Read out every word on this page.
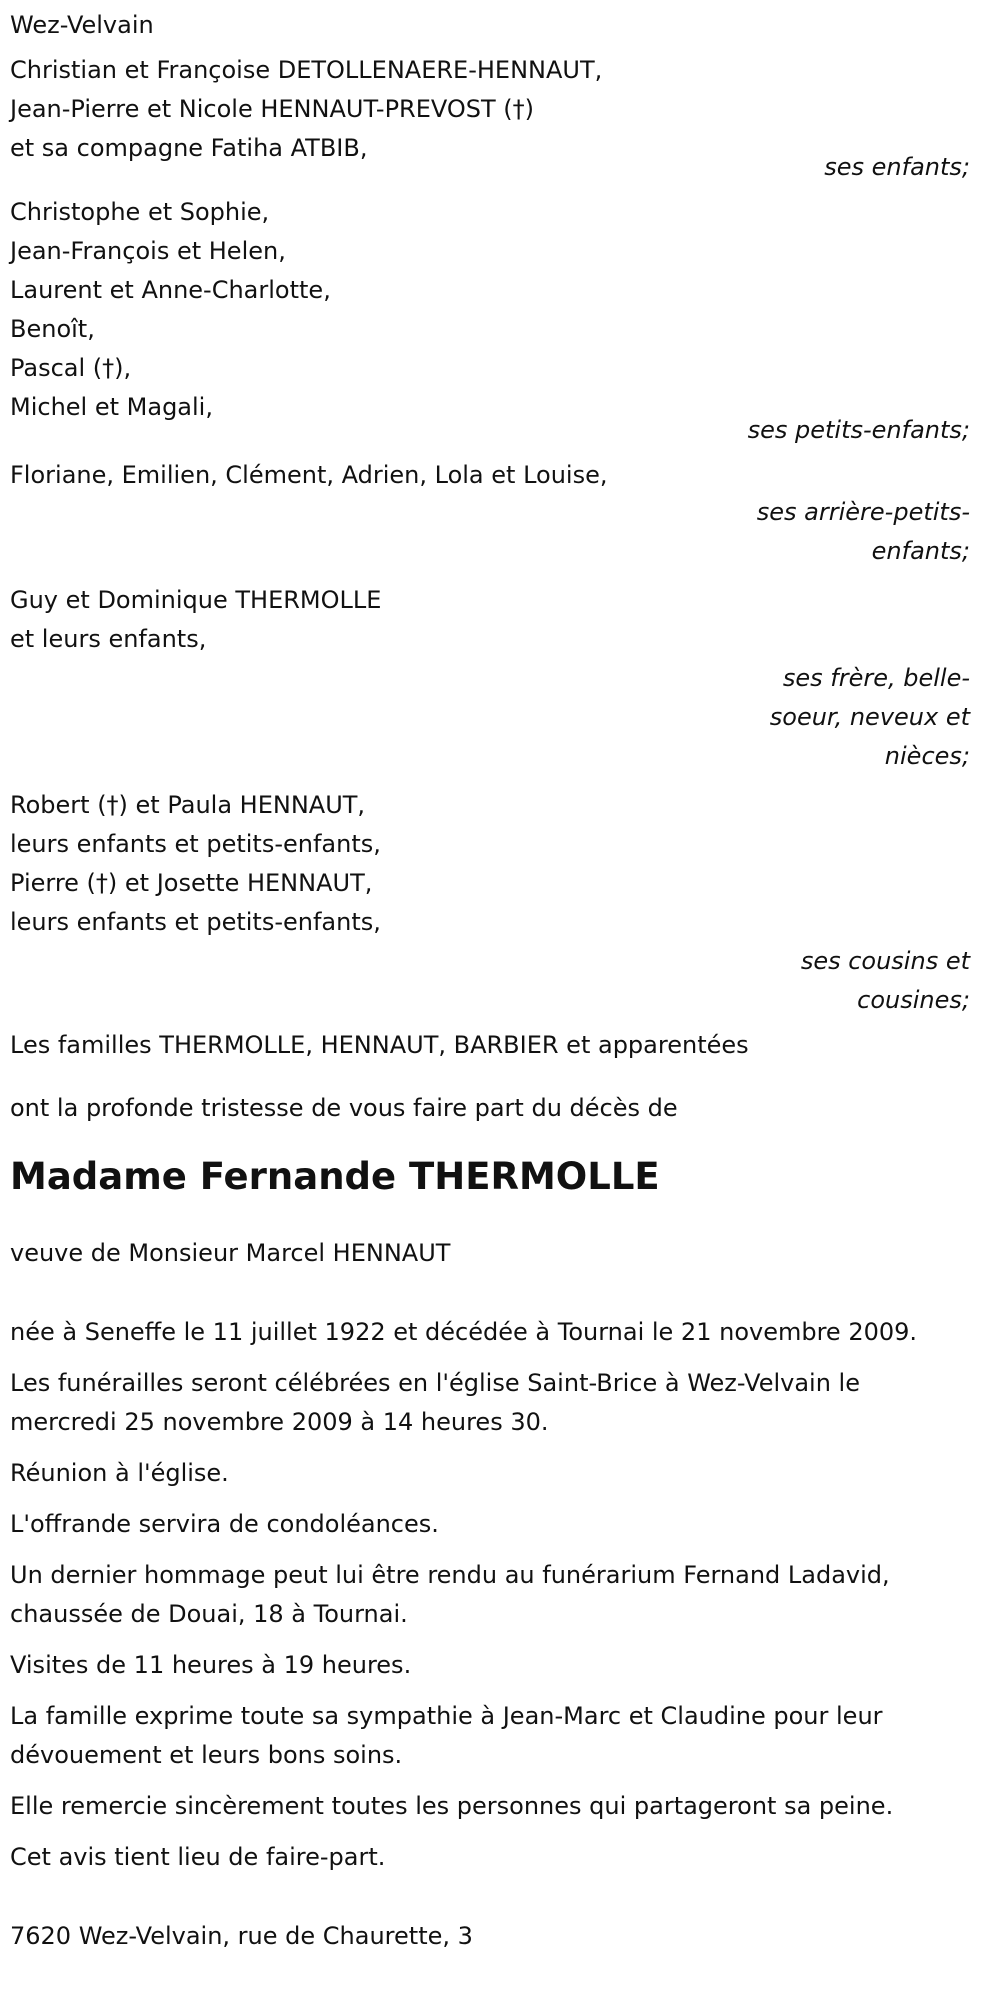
Wez-Velvain
Christian et Françoise DETOLLENAERE-HENNAUT,
Jean-Pierre et Nicole HENNAUT-PREVOST (†)
et sa compagne Fatiha ATBIB,
ses enfants;
Christophe et Sophie,
Jean-François et Helen,
Laurent et Anne-Charlotte,
Benoît,
Pascal (†),
Michel et Magali,
ses petits-enfants;
Floriane, Emilien, Clément, Adrien, Lola et Louise,
ses arrière-petits-
enfants;
Guy et Dominique THERMOLLE
et leurs enfants,
ses frère, belle-
soeur, neveux et
nièces;
Robert (†) et Paula HENNAUT,
leurs enfants et petits-enfants,
Pierre (†) et Josette HENNAUT,
leurs enfants et petits-enfants,
ses cousins et
cousines;
Les familles THERMOLLE, HENNAUT, BARBIER et apparentées
ont la profonde tristesse de vous faire part du décès de
Madame Fernande THERMOLLE
veuve de Monsieur Marcel HENNAUT
née à Seneffe le 11 juillet 1922 et décédée à Tournai le 21 novembre 2009.
Les funérailles seront célébrées en l'église Saint-Brice à Wez-Velvain le mercredi 25 novembre 2009 à 14 heures 30.
Réunion à l'église.
L'offrande servira de condoléances.
Un dernier hommage peut lui être rendu au funérarium Fernand Ladavid, chaussée de Douai, 18 à Tournai.
Visites de 11 heures à 19 heures.
La famille exprime toute sa sympathie à Jean-Marc et Claudine pour leur dévouement et leurs bons soins.
Elle remercie sincèrement toutes les personnes qui partageront sa peine.
Cet avis tient lieu de faire-part.
7620 Wez-Velvain, rue de Chaurette, 3
